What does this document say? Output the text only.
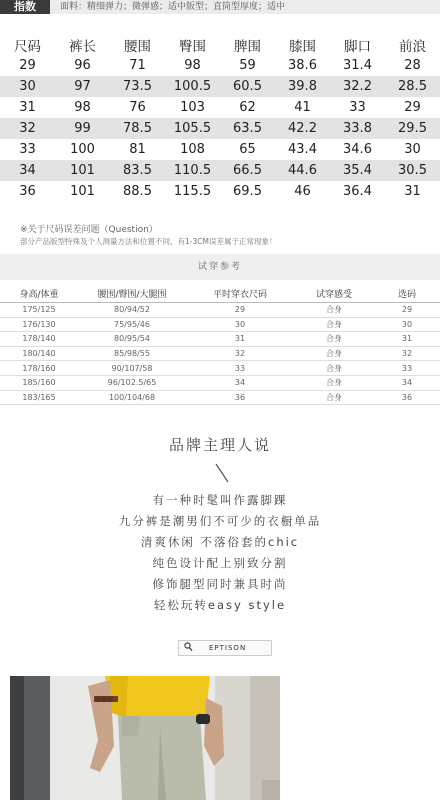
指数	面料：精细弹力；微弹感；适中版型；直筒型厚度；适中
尺码	裤长	腰围	臀围	脾围	膝围	脚口	前浪
29	96	71	98	59	38.6	31.4	28
30	97	73.5	100.5	60.5	39.8	32.2	28.5
31	98	76	103	62	41	33	29
32	99	78.5	105.5	63.5	42.2	33.8	29.5
33	100	81	108	65	43.4	34.6	30
34	101	83.5	110.5	66.5	44.6	35.4	30.5
36	101	88.5	115.5	69.5	46	36.4	31
※关于尺码误差问题（Question）
部分产品版型特殊及个人测量方法和位置不同，有1-3CM误差属于正常现象！
试穿参考
身高/体重	腰围/臀围/大腿围	平时穿衣尺码	试穿感受	选码
175/125	80/94/52	29	合身	29
176/130	75/95/46	30	合身	30
178/140	80/95/54	31	合身	31
180/140	85/98/55	32	合身	32
178/160	90/107/58	33	合身	33
185/160	96/102.5/65	34	合身	34
183/165	100/104/68	36	合身	36
品牌主理人说
有一种时髦叫作露脚踝
九分裤是潮男们不可少的衣橱单品
清爽休闲 不落俗套的chic
纯色设计配上别致分割
修饰腿型同时兼具时尚
轻松玩转easy style
EPTISON
